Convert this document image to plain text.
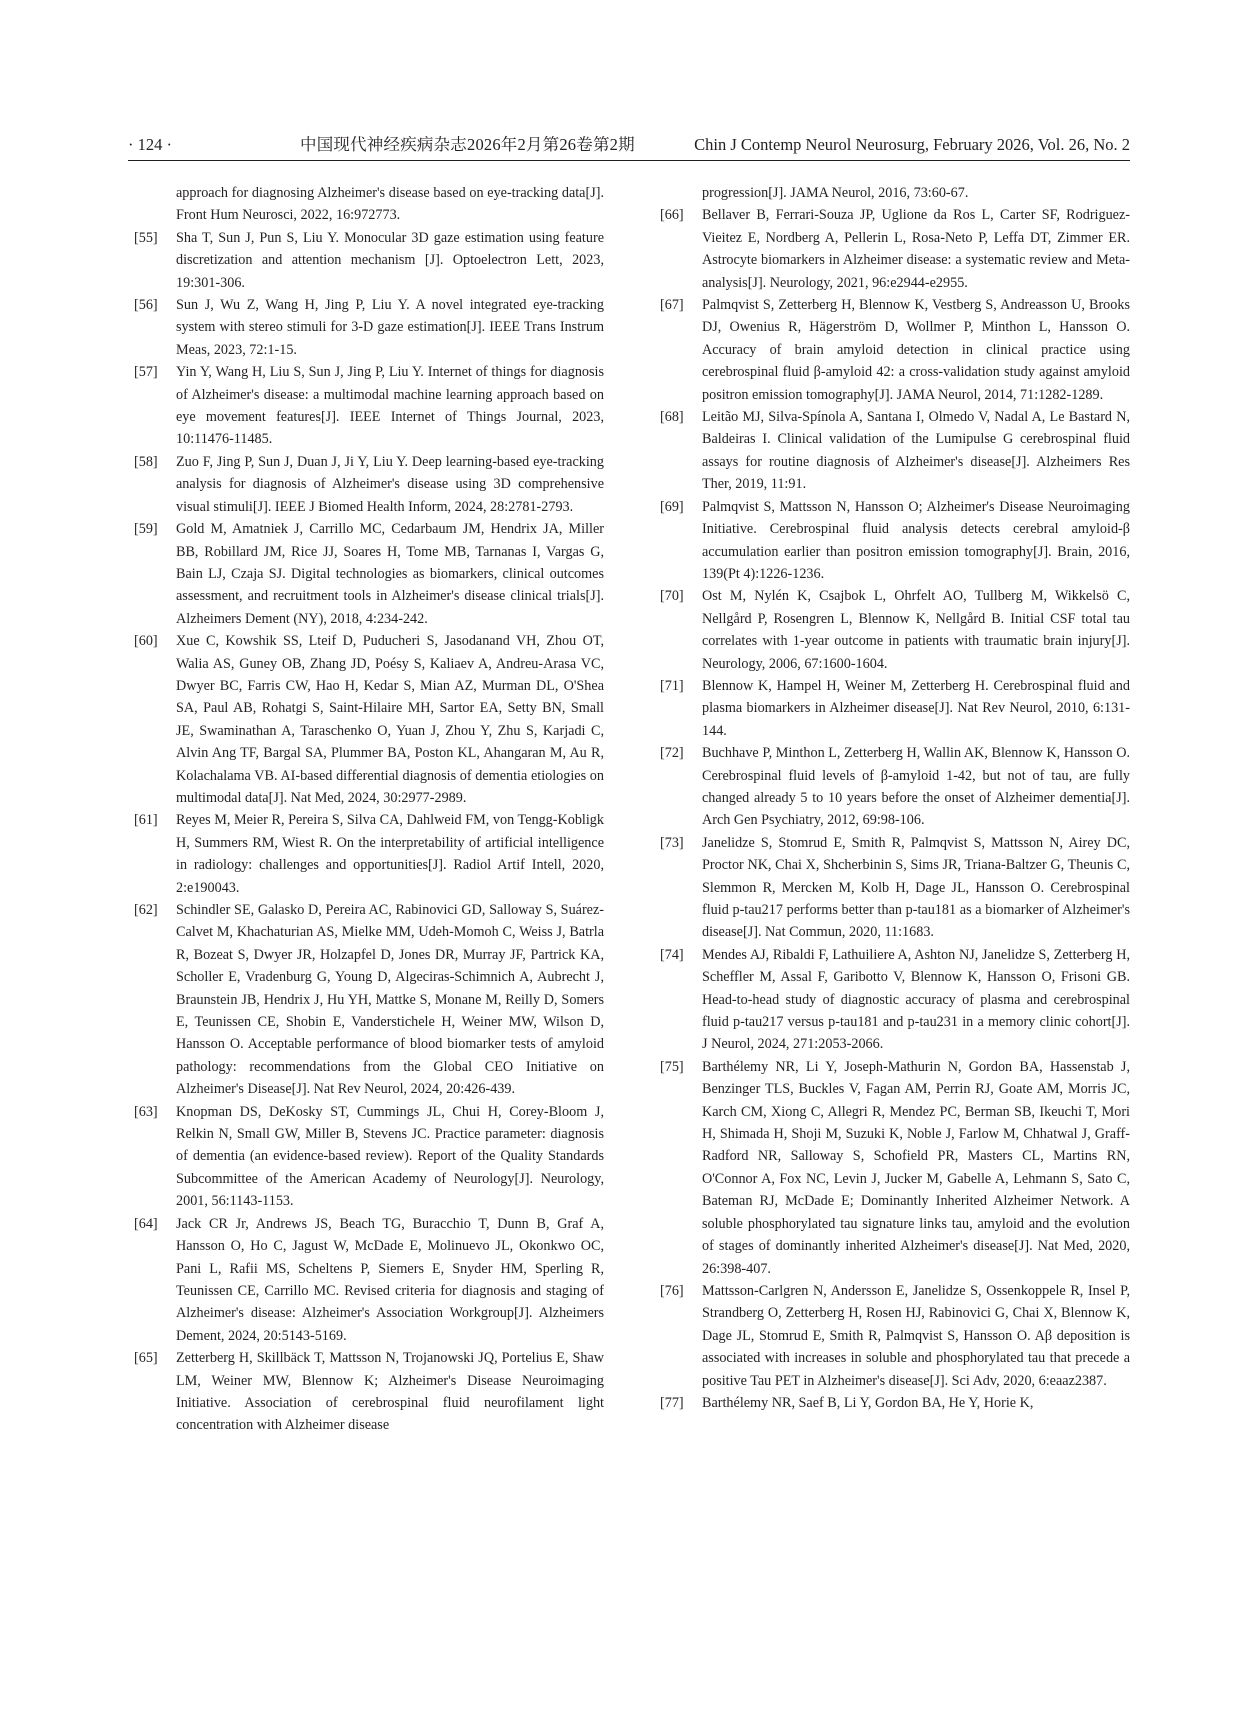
· 124 ·	中国现代神经疾病杂志2026年2月第26卷第2期	Chin J Contemp Neurol Neurosurg, February 2026, Vol. 26, No. 2

approach for diagnosing Alzheimer's disease based on eye-tracking data[J]. Front Hum Neurosci, 2022, 16:972773.

[55]	Sha T, Sun J, Pun S, Liu Y. Monocular 3D gaze estimation using feature discretization and attention mechanism [J]. Optoelectron Lett, 2023, 19:301-306.

[56]	Sun J, Wu Z, Wang H, Jing P, Liu Y. A novel integrated eye-tracking system with stereo stimuli for 3-D gaze estimation[J]. IEEE Trans Instrum Meas, 2023, 72:1-15.

[57]	Yin Y, Wang H, Liu S, Sun J, Jing P, Liu Y. Internet of things for diagnosis of Alzheimer's disease: a multimodal machine learning approach based on eye movement features[J]. IEEE Internet of Things Journal, 2023, 10:11476-11485.

[58]	Zuo F, Jing P, Sun J, Duan J, Ji Y, Liu Y. Deep learning-based eye-tracking analysis for diagnosis of Alzheimer's disease using 3D comprehensive visual stimuli[J]. IEEE J Biomed Health Inform, 2024, 28:2781-2793.

[59]	Gold M, Amatniek J, Carrillo MC, Cedarbaum JM, Hendrix JA, Miller BB, Robillard JM, Rice JJ, Soares H, Tome MB, Tarnanas I, Vargas G, Bain LJ, Czaja SJ. Digital technologies as biomarkers, clinical outcomes assessment, and recruitment tools in Alzheimer's disease clinical trials[J]. Alzheimers Dement (NY), 2018, 4:234-242.

[60]	Xue C, Kowshik SS, Lteif D, Puducheri S, Jasodanand VH, Zhou OT, Walia AS, Guney OB, Zhang JD, Poésy S, Kaliaev A, Andreu-Arasa VC, Dwyer BC, Farris CW, Hao H, Kedar S, Mian AZ, Murman DL, O'Shea SA, Paul AB, Rohatgi S, Saint-Hilaire MH, Sartor EA, Setty BN, Small JE, Swaminathan A, Taraschenko O, Yuan J, Zhou Y, Zhu S, Karjadi C, Alvin Ang TF, Bargal SA, Plummer BA, Poston KL, Ahangaran M, Au R, Kolachalama VB. AI-based differential diagnosis of dementia etiologies on multimodal data[J]. Nat Med, 2024, 30:2977-2989.

[61]	Reyes M, Meier R, Pereira S, Silva CA, Dahlweid FM, von Tengg-Kobligk H, Summers RM, Wiest R. On the interpretability of artificial intelligence in radiology: challenges and opportunities[J]. Radiol Artif Intell, 2020, 2:e190043.

[62]	Schindler SE, Galasko D, Pereira AC, Rabinovici GD, Salloway S, Suárez-Calvet M, Khachaturian AS, Mielke MM, Udeh-Momoh C, Weiss J, Batrla R, Bozeat S, Dwyer JR, Holzapfel D, Jones DR, Murray JF, Partrick KA, Scholler E, Vradenburg G, Young D, Algeciras-Schimnich A, Aubrecht J, Braunstein JB, Hendrix J, Hu YH, Mattke S, Monane M, Reilly D, Somers E, Teunissen CE, Shobin E, Vanderstichele H, Weiner MW, Wilson D, Hansson O. Acceptable performance of blood biomarker tests of amyloid pathology: recommendations from the Global CEO Initiative on Alzheimer's Disease[J]. Nat Rev Neurol, 2024, 20:426-439.

[63]	Knopman DS, DeKosky ST, Cummings JL, Chui H, Corey-Bloom J, Relkin N, Small GW, Miller B, Stevens JC. Practice parameter: diagnosis of dementia (an evidence-based review). Report of the Quality Standards Subcommittee of the American Academy of Neurology[J]. Neurology, 2001, 56:1143-1153.

[64]	Jack CR Jr, Andrews JS, Beach TG, Buracchio T, Dunn B, Graf A, Hansson O, Ho C, Jagust W, McDade E, Molinuevo JL, Okonkwo OC, Pani L, Rafii MS, Scheltens P, Siemers E, Snyder HM, Sperling R, Teunissen CE, Carrillo MC. Revised criteria for diagnosis and staging of Alzheimer's disease: Alzheimer's Association Workgroup[J]. Alzheimers Dement, 2024, 20:5143-5169.

[65]	Zetterberg H, Skillbäck T, Mattsson N, Trojanowski JQ, Portelius E, Shaw LM, Weiner MW, Blennow K; Alzheimer's Disease Neuroimaging Initiative. Association of cerebrospinal fluid neurofilament light concentration with Alzheimer disease

progression[J]. JAMA Neurol, 2016, 73:60-67.

[66]	Bellaver B, Ferrari-Souza JP, Uglione da Ros L, Carter SF, Rodriguez-Vieitez E, Nordberg A, Pellerin L, Rosa-Neto P, Leffa DT, Zimmer ER. Astrocyte biomarkers in Alzheimer disease: a systematic review and Meta-analysis[J]. Neurology, 2021, 96:e2944-e2955.

[67]	Palmqvist S, Zetterberg H, Blennow K, Vestberg S, Andreasson U, Brooks DJ, Owenius R, Hägerström D, Wollmer P, Minthon L, Hansson O. Accuracy of brain amyloid detection in clinical practice using cerebrospinal fluid β-amyloid 42: a cross-validation study against amyloid positron emission tomography[J]. JAMA Neurol, 2014, 71:1282-1289.

[68]	Leitão MJ, Silva-Spínola A, Santana I, Olmedo V, Nadal A, Le Bastard N, Baldeiras I. Clinical validation of the Lumipulse G cerebrospinal fluid assays for routine diagnosis of Alzheimer's disease[J]. Alzheimers Res Ther, 2019, 11:91.

[69]	Palmqvist S, Mattsson N, Hansson O; Alzheimer's Disease Neuroimaging Initiative. Cerebrospinal fluid analysis detects cerebral amyloid-β accumulation earlier than positron emission tomography[J]. Brain, 2016, 139(Pt 4):1226-1236.

[70]	Ost M, Nylén K, Csajbok L, Ohrfelt AO, Tullberg M, Wikkelsö C, Nellgård P, Rosengren L, Blennow K, Nellgård B. Initial CSF total tau correlates with 1-year outcome in patients with traumatic brain injury[J]. Neurology, 2006, 67:1600-1604.

[71]	Blennow K, Hampel H, Weiner M, Zetterberg H. Cerebrospinal fluid and plasma biomarkers in Alzheimer disease[J]. Nat Rev Neurol, 2010, 6:131-144.

[72]	Buchhave P, Minthon L, Zetterberg H, Wallin AK, Blennow K, Hansson O. Cerebrospinal fluid levels of β-amyloid 1-42, but not of tau, are fully changed already 5 to 10 years before the onset of Alzheimer dementia[J]. Arch Gen Psychiatry, 2012, 69:98-106.

[73]	Janelidze S, Stomrud E, Smith R, Palmqvist S, Mattsson N, Airey DC, Proctor NK, Chai X, Shcherbinin S, Sims JR, Triana-Baltzer G, Theunis C, Slemmon R, Mercken M, Kolb H, Dage JL, Hansson O. Cerebrospinal fluid p-tau217 performs better than p-tau181 as a biomarker of Alzheimer's disease[J]. Nat Commun, 2020, 11:1683.

[74]	Mendes AJ, Ribaldi F, Lathuiliere A, Ashton NJ, Janelidze S, Zetterberg H, Scheffler M, Assal F, Garibotto V, Blennow K, Hansson O, Frisoni GB. Head-to-head study of diagnostic accuracy of plasma and cerebrospinal fluid p-tau217 versus p-tau181 and p-tau231 in a memory clinic cohort[J]. J Neurol, 2024, 271:2053-2066.

[75]	Barthélemy NR, Li Y, Joseph-Mathurin N, Gordon BA, Hassenstab J, Benzinger TLS, Buckles V, Fagan AM, Perrin RJ, Goate AM, Morris JC, Karch CM, Xiong C, Allegri R, Mendez PC, Berman SB, Ikeuchi T, Mori H, Shimada H, Shoji M, Suzuki K, Noble J, Farlow M, Chhatwal J, Graff-Radford NR, Salloway S, Schofield PR, Masters CL, Martins RN, O'Connor A, Fox NC, Levin J, Jucker M, Gabelle A, Lehmann S, Sato C, Bateman RJ, McDade E; Dominantly Inherited Alzheimer Network. A soluble phosphorylated tau signature links tau, amyloid and the evolution of stages of dominantly inherited Alzheimer's disease[J]. Nat Med, 2020, 26:398-407.

[76]	Mattsson-Carlgren N, Andersson E, Janelidze S, Ossenkoppele R, Insel P, Strandberg O, Zetterberg H, Rosen HJ, Rabinovici G, Chai X, Blennow K, Dage JL, Stomrud E, Smith R, Palmqvist S, Hansson O. Aβ deposition is associated with increases in soluble and phosphorylated tau that precede a positive Tau PET in Alzheimer's disease[J]. Sci Adv, 2020, 6:eaaz2387.

[77]	Barthélemy NR, Saef B, Li Y, Gordon BA, He Y, Horie K,
